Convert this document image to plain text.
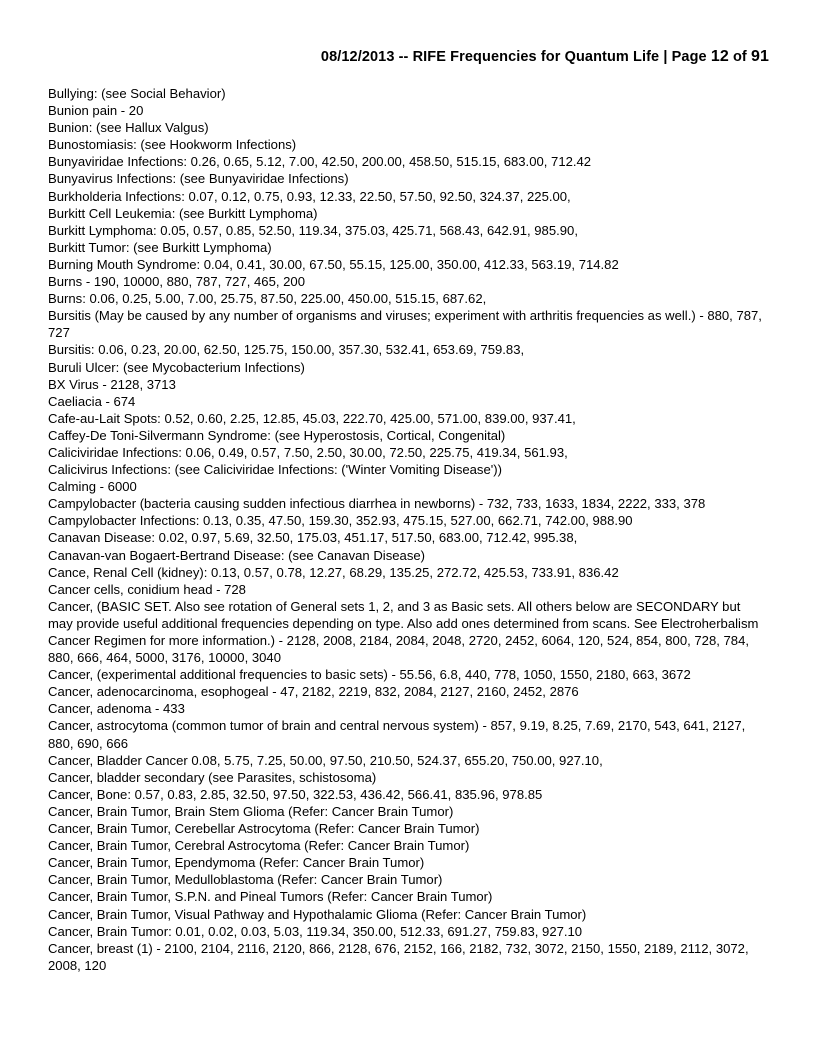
08/12/2013 -- RIFE Frequencies for Quantum Life | Page 12 of 91

Bullying: (see Social Behavior)

Bunion pain - 20

Bunion: (see Hallux Valgus)

Bunostomiasis: (see Hookworm Infections)

Bunyaviridae Infections: 0.26, 0.65, 5.12, 7.00, 42.50, 200.00, 458.50, 515.15, 683.00, 712.42

Bunyavirus Infections: (see Bunyaviridae Infections)

Burkholderia Infections: 0.07, 0.12, 0.75, 0.93, 12.33, 22.50, 57.50, 92.50, 324.37, 225.00,

Burkitt Cell Leukemia: (see Burkitt Lymphoma)

Burkitt Lymphoma: 0.05, 0.57, 0.85, 52.50, 119.34, 375.03, 425.71, 568.43, 642.91, 985.90,

Burkitt Tumor: (see Burkitt Lymphoma)

Burning Mouth Syndrome: 0.04, 0.41, 30.00, 67.50, 55.15, 125.00, 350.00, 412.33, 563.19, 714.82

Burns - 190, 10000, 880, 787, 727, 465, 200

Burns: 0.06, 0.25, 5.00, 7.00, 25.75, 87.50, 225.00, 450.00, 515.15, 687.62,

Bursitis (May be caused by any number of organisms and viruses; experiment with arthritis frequencies as well.) - 880, 787, 727

Bursitis: 0.06, 0.23, 20.00, 62.50, 125.75, 150.00, 357.30, 532.41, 653.69, 759.83,

Buruli Ulcer: (see Mycobacterium Infections)

BX Virus - 2128, 3713

Caeliacia - 674

Cafe-au-Lait Spots: 0.52, 0.60, 2.25, 12.85, 45.03, 222.70, 425.00, 571.00, 839.00, 937.41,

Caffey-De Toni-Silvermann Syndrome: (see Hyperostosis, Cortical, Congenital)

Caliciviridae Infections: 0.06, 0.49, 0.57, 7.50, 2.50, 30.00, 72.50, 225.75, 419.34, 561.93,

Calicivirus Infections: (see Caliciviridae Infections: ('Winter Vomiting Disease'))

Calming - 6000

Campylobacter (bacteria causing sudden infectious diarrhea in newborns) - 732, 733, 1633, 1834, 2222, 333, 378

Campylobacter Infections: 0.13, 0.35, 47.50, 159.30, 352.93, 475.15, 527.00, 662.71, 742.00, 988.90

Canavan Disease: 0.02, 0.97, 5.69, 32.50, 175.03, 451.17, 517.50, 683.00, 712.42, 995.38,

Canavan-van Bogaert-Bertrand Disease: (see Canavan Disease)

Cance, Renal Cell (kidney): 0.13, 0.57, 0.78, 12.27, 68.29, 135.25, 272.72, 425.53, 733.91, 836.42

Cancer cells, conidium head - 728

Cancer, (BASIC SET. Also see rotation of General sets 1, 2, and 3 as Basic sets. All others below are SECONDARY but may provide useful additional frequencies depending on type. Also add ones determined from scans. See Electroherbalism Cancer Regimen for more information.) - 2128, 2008, 2184, 2084, 2048, 2720, 2452, 6064, 120, 524, 854, 800, 728, 784, 880, 666, 464, 5000, 3176, 10000, 3040

Cancer, (experimental additional frequencies to basic sets) - 55.56, 6.8, 440, 778, 1050, 1550, 2180, 663, 3672

Cancer, adenocarcinoma, esophogeal - 47, 2182, 2219, 832, 2084, 2127, 2160, 2452, 2876

Cancer, adenoma - 433

Cancer, astrocytoma (common tumor of brain and central nervous system) - 857, 9.19, 8.25, 7.69, 2170, 543, 641, 2127, 880, 690, 666

Cancer, Bladder Cancer 0.08, 5.75, 7.25, 50.00, 97.50, 210.50, 524.37, 655.20, 750.00, 927.10,

Cancer, bladder secondary (see Parasites, schistosoma)

Cancer, Bone: 0.57, 0.83, 2.85, 32.50, 97.50, 322.53, 436.42, 566.41, 835.96, 978.85

Cancer, Brain Tumor, Brain Stem Glioma (Refer: Cancer Brain Tumor)

Cancer, Brain Tumor, Cerebellar Astrocytoma (Refer: Cancer Brain Tumor)

Cancer, Brain Tumor, Cerebral Astrocytoma (Refer: Cancer Brain Tumor)

Cancer, Brain Tumor, Ependymoma (Refer: Cancer Brain Tumor)

Cancer, Brain Tumor, Medulloblastoma (Refer: Cancer Brain Tumor)

Cancer, Brain Tumor, S.P.N. and Pineal Tumors (Refer: Cancer Brain Tumor)

Cancer, Brain Tumor, Visual Pathway and Hypothalamic Glioma (Refer: Cancer Brain Tumor)

Cancer, Brain Tumor: 0.01, 0.02, 0.03, 5.03, 119.34, 350.00, 512.33, 691.27, 759.83, 927.10

Cancer, breast (1) - 2100, 2104, 2116, 2120, 866, 2128, 676, 2152, 166, 2182, 732, 3072, 2150, 1550, 2189, 2112, 3072, 2008, 120
